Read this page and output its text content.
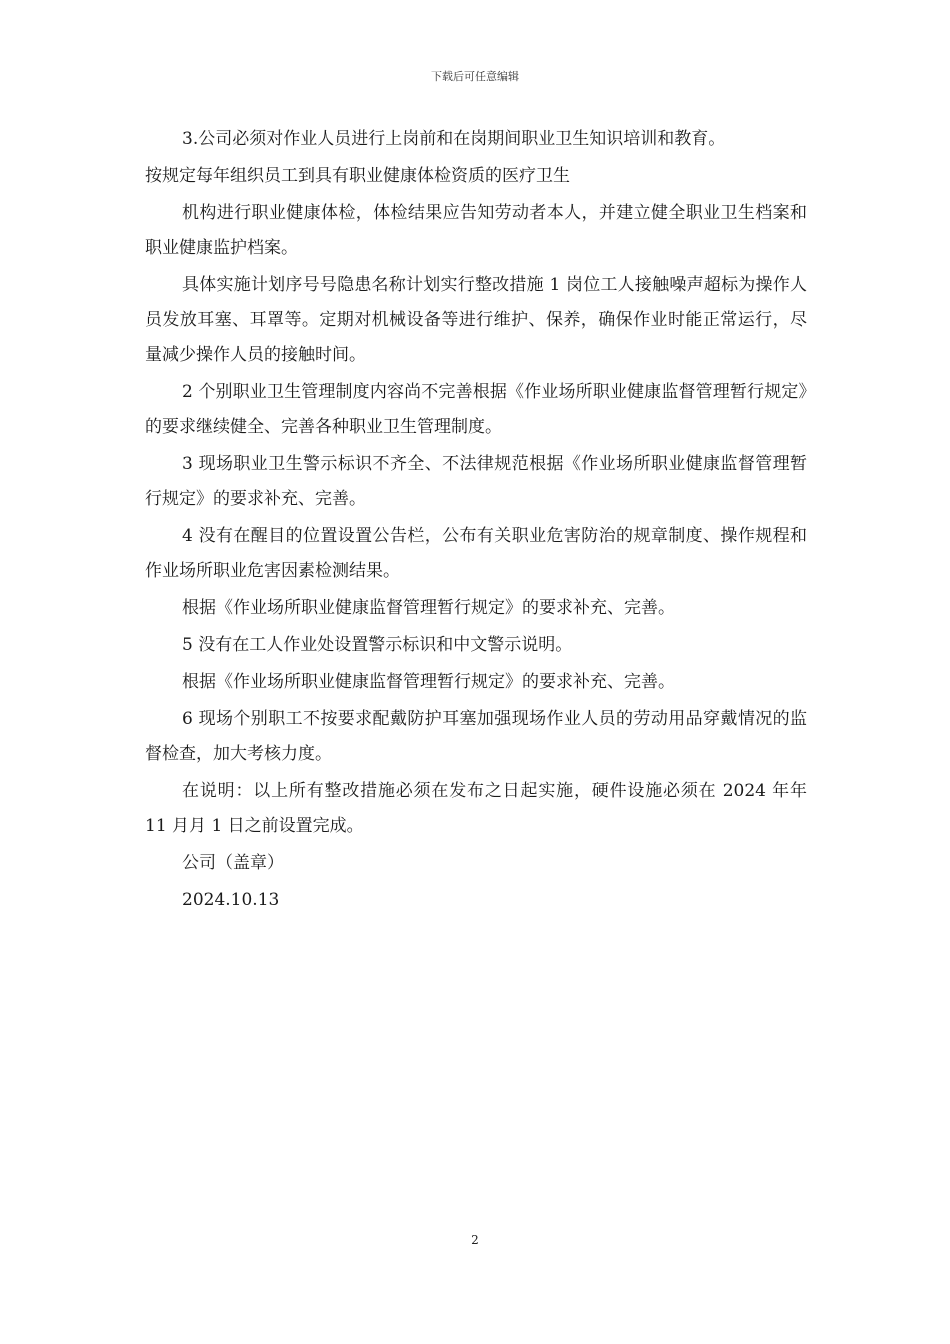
下载后可任意编辑

3.公司必须对作业人员进行上岗前和在岗期间职业卫生知识培训和教育。

按规定每年组织员工到具有职业健康体检资质的医疗卫生

机构进行职业健康体检，体检结果应告知劳动者本人，并建立健全职业卫生档案和职业健康监护档案。

具体实施计划序号号隐患名称计划实行整改措施 1 岗位工人接触噪声超标为操作人员发放耳塞、耳罩等。定期对机械设备等进行维护、保养，确保作业时能正常运行，尽量减少操作人员的接触时间。

2 个别职业卫生管理制度内容尚不完善根据《作业场所职业健康监督管理暂行规定》的要求继续健全、完善各种职业卫生管理制度。

3 现场职业卫生警示标识不齐全、不法律规范根据《作业场所职业健康监督管理暂行规定》的要求补充、完善。

4 没有在醒目的位置设置公告栏，公布有关职业危害防治的规章制度、操作规程和作业场所职业危害因素检测结果。

根据《作业场所职业健康监督管理暂行规定》的要求补充、完善。

5 没有在工人作业处设置警示标识和中文警示说明。

根据《作业场所职业健康监督管理暂行规定》的要求补充、完善。

6 现场个别职工不按要求配戴防护耳塞加强现场作业人员的劳动用品穿戴情况的监督检查，加大考核力度。

在说明：以上所有整改措施必须在发布之日起实施，硬件设施必须在 2024 年年 11 月月 1 日之前设置完成。

公司（盖章）

2024.10.13

2
